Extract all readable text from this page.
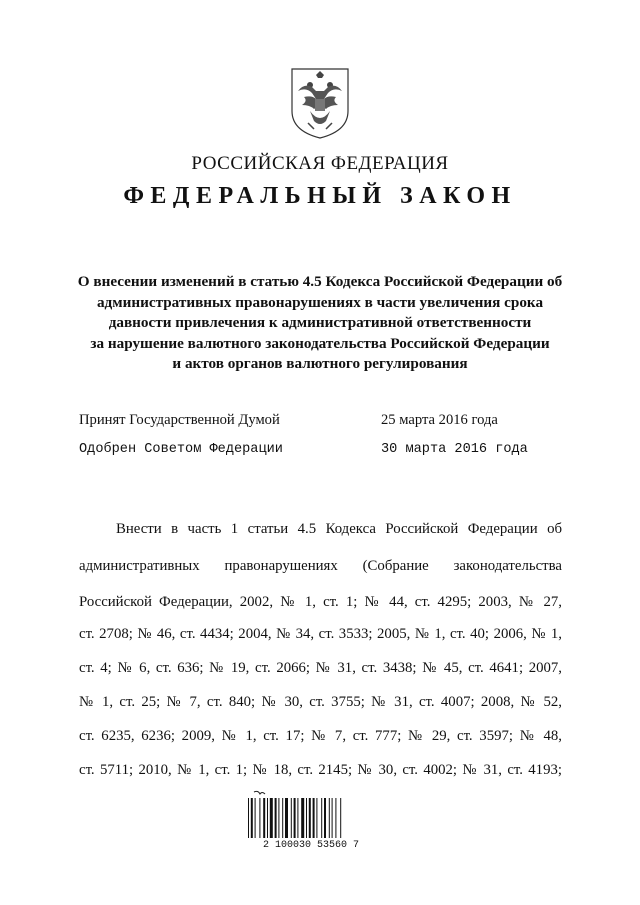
РОССИЙСКАЯ ФЕДЕРАЦИЯ
ФЕДЕРАЛЬНЫЙ ЗАКОН
О внесении изменений в статью 4.5 Кодекса Российской Федерации об
административных правонарушениях в части увеличения срока
давности привлечения к административной ответственности
за нарушение валютного законодательства Российской Федерации
и актов органов валютного регулирования
Принят Государственной Думой	25 марта 2016 года
Одобрен Советом Федерации	30 марта 2016 года
Внести в часть 1 статьи 4.5 Кодекса Российской Федерации об
административных правонарушениях (Собрание законодательства
Российской Федерации, 2002, № 1, ст. 1; № 44, ст. 4295; 2003, № 27,
ст. 2708; № 46, ст. 4434; 2004, № 34, ст. 3533; 2005, № 1, ст. 40; 2006, № 1,
ст. 4; № 6, ст. 636; № 19, ст. 2066; № 31, ст. 3438; № 45, ст. 4641; 2007,
№ 1, ст. 25; № 7, ст. 840; № 30, ст. 3755; № 31, ст. 4007; 2008, № 52,
ст. 6235, 6236; 2009, № 1, ст. 17; № 7, ст. 777; № 29, ст. 3597; № 48,
ст. 5711; 2010, № 1, ст. 1; № 18, ст. 2145; № 30, ст. 4002; № 31, ст. 4193;
2 100030 53560 7
